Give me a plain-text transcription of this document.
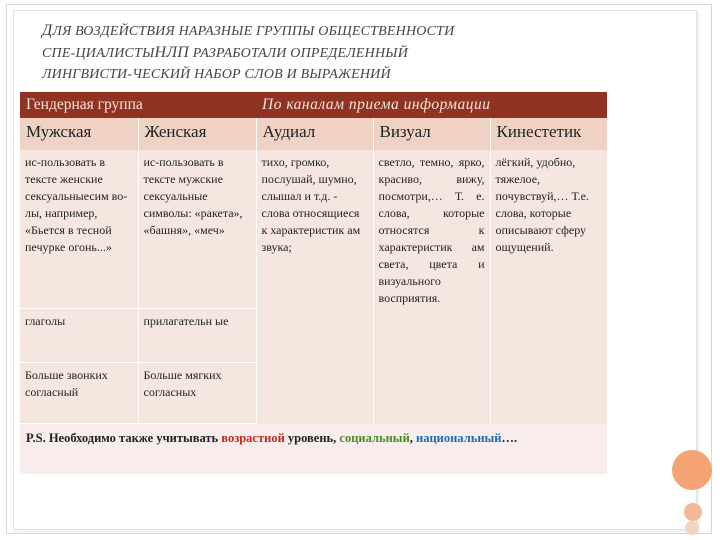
ДЛЯ ВОЗДЕЙСТВИЯ НАРАЗНЫЕ ГРУППЫ ОБЩЕСТВЕННОСТИ
СПЕ-ЦИАЛИСТЫНЛП РАЗРАБОТАЛИ ОПРЕДЕЛЕННЫЙ
ЛИНГВИСТИ-ЧЕСКИЙ НАБОР СЛОВ И ВЫРАЖЕНИЙ
Гендерная группа		По каналам приема информации		
Мужская	Женская	Аудиал	Визуал	Кинестетик
ис-пользовать в тексте женские сексуальныесим во-лы, например, «Бьется в тесной печурке огонь...»	ис-пользовать в тексте мужские сексуальные символы: «ракета», «башня», «меч»	тихо, громко, послушай, шумно, слышал и т.д. - слова относящиеся к характеристик ам звука;	светло, темно, ярко, красиво, вижу, посмотри,… Т. е. слова, которые относятся к характеристик ам света, цвета и визуального восприятия.	лёгкий, удобно, тяжелое, почувствуй,… Т.е. слова, которые описывают сферу ощущений.
глаголы	прилагательн ые			
Больше звонких согласный	Больше мягких согласных			
P.S. Необходимо также учитывать возрастной уровень, социальный, национальный….				
